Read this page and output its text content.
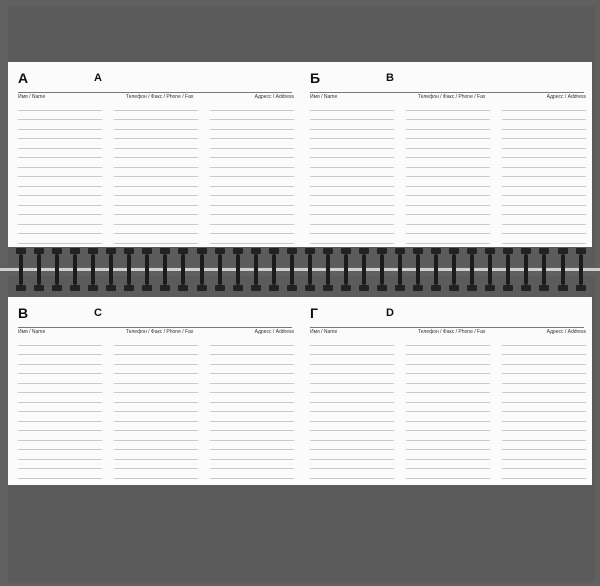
А	A
Имя / Name	Телефон / Факс / Phone / Fax	Адресс / Address
Б	B
Имя / Name	Телефон / Факс / Phone / Fax	Адресс / Address
В	C
Имя / Name	Телефон / Факс / Phone / Fax	Адресс / Address
Г	D
Имя / Name	Телефон / Факс / Phone / Fax	Адресс / Address
